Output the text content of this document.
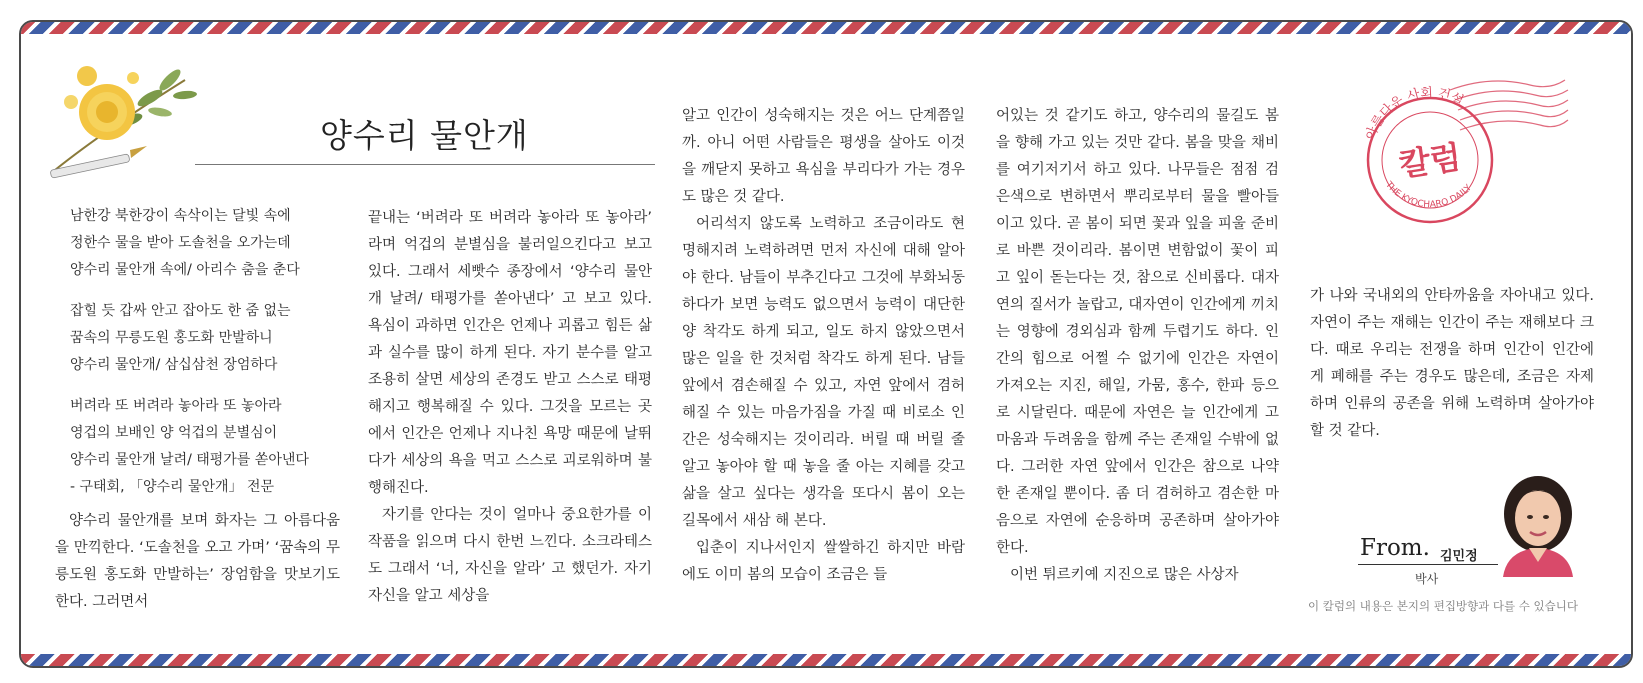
양수리 물안개
남한강 북한강이 속삭이는 달빛 속에
정한수 물을 받아 도솔천을 오가는데
양수리 물안개 속에/ 아리수 춤을 춘다
잡힐 듯 갑싸 안고 잡아도 한 줌 없는
꿈속의 무릉도원 홍도화 만발하니
양수리 물안개/ 삼십삼천 장엄하다
버려라 또 버려라 놓아라 또 놓아라
영겁의 보배인 양 억겁의 분별심이
양수리 물안개 날려/ 태평가를 쏟아낸다
- 구태회, 「양수리 물안개」 전문
양수리 물안개를 보며 화자는 그 아름다움을 만끽한다. ‘도솔천을 오고 가며’ ‘꿈속의 무릉도원 홍도화 만발하는’ 장엄함을 맛보기도 한다. 그러면서

끝내는 ‘버려라 또 버려라 놓아라 또 놓아라’ 라며 억겁의 분별심을 불러일으킨다고 보고 있다. 그래서 세빳수 종장에서 ‘양수리 물안개 날려/ 태평가를 쏟아낸다’ 고 보고 있다. 욕심이 과하면 인간은 언제나 괴롭고 힘든 삶과 실수를 많이 하게 된다. 자기 분수를 알고 조용히 살면 세상의 존경도 받고 스스로 태평해지고 행복해질 수 있다. 그것을 모르는 곳에서 인간은 언제나 지나친 욕망 때문에 날뛰다가 세상의 욕을 먹고 스스로 괴로워하며 불행해진다.

자기를 안다는 것이 얼마나 중요한가를 이 작품을 읽으며 다시 한번 느낀다. 소크라테스도 그래서 ‘너, 자신을 알라’ 고 했던가. 자기 자신을 알고 세상을

알고 인간이 성숙해지는 것은 어느 단계쯤일까. 아니 어떤 사람들은 평생을 살아도 이것을 깨닫지 못하고 욕심을 부리다가 가는 경우도 많은 것 같다.

어리석지 않도록 노력하고 조금이라도 현명해지려 노력하려면 먼저 자신에 대해 알아야 한다. 남들이 부추긴다고 그것에 부화뇌동하다가 보면 능력도 없으면서 능력이 대단한 양 착각도 하게 되고, 일도 하지 않았으면서 많은 일을 한 것처럼 착각도 하게 된다. 남들 앞에서 겸손해질 수 있고, 자연 앞에서 겸허해질 수 있는 마음가짐을 가질 때 비로소 인간은 성숙해지는 것이리라. 버릴 때 버릴 줄 알고 놓아야 할 때 놓을 줄 아는 지혜를 갖고 삶을 살고 싶다는 생각을 또다시 봄이 오는 길목에서 새삼 해 본다.

입춘이 지나서인지 쌀쌀하긴 하지만 바람에도 이미 봄의 모습이 조금은 들

어있는 것 같기도 하고, 양수리의 물길도 봄을 향해 가고 있는 것만 같다. 봄을 맞을 채비를 여기저기서 하고 있다. 나무들은 점점 검은색으로 변하면서 뿌리로부터 물을 빨아들이고 있다. 곧 봄이 되면 꽃과 잎을 피울 준비로 바쁜 것이리라. 봄이면 변함없이 꽃이 피고 잎이 돋는다는 것, 참으로 신비롭다. 대자연의 질서가 놀랍고, 대자연이 인간에게 끼치는 영향에 경외심과 함께 두렵기도 하다. 인간의 힘으로 어쩔 수 없기에 인간은 자연이 가져오는 지진, 해일, 가뭄, 홍수, 한파 등으로 시달린다. 때문에 자연은 늘 인간에게 고마움과 두려움을 함께 주는 존재일 수밖에 없다. 그러한 자연 앞에서 인간은 참으로 나약한 존재일 뿐이다. 좀 더 겸허하고 겸손한 마음으로 자연에 순응하며 공존하며 살아가야 한다.

이번 튀르키예 지진으로 많은 사상자

가 나와 국내외의 안타까움을 자아내고 있다. 자연이 주는 재해는 인간이 주는 재해보다 크다. 때로 우리는 전쟁을 하며 인간이 인간에게 폐해를 주는 경우도 많은데, 조금은 자제하며 인류의 공존을 위해 노력하며 살아가야 할 것 같다.

아름다운 사회 건설
칼럼
THE KYOCHARO DAILY
From. 김민정
박사
이 칼럼의 내용은 본지의 편집방향과 다를 수 있습니다
